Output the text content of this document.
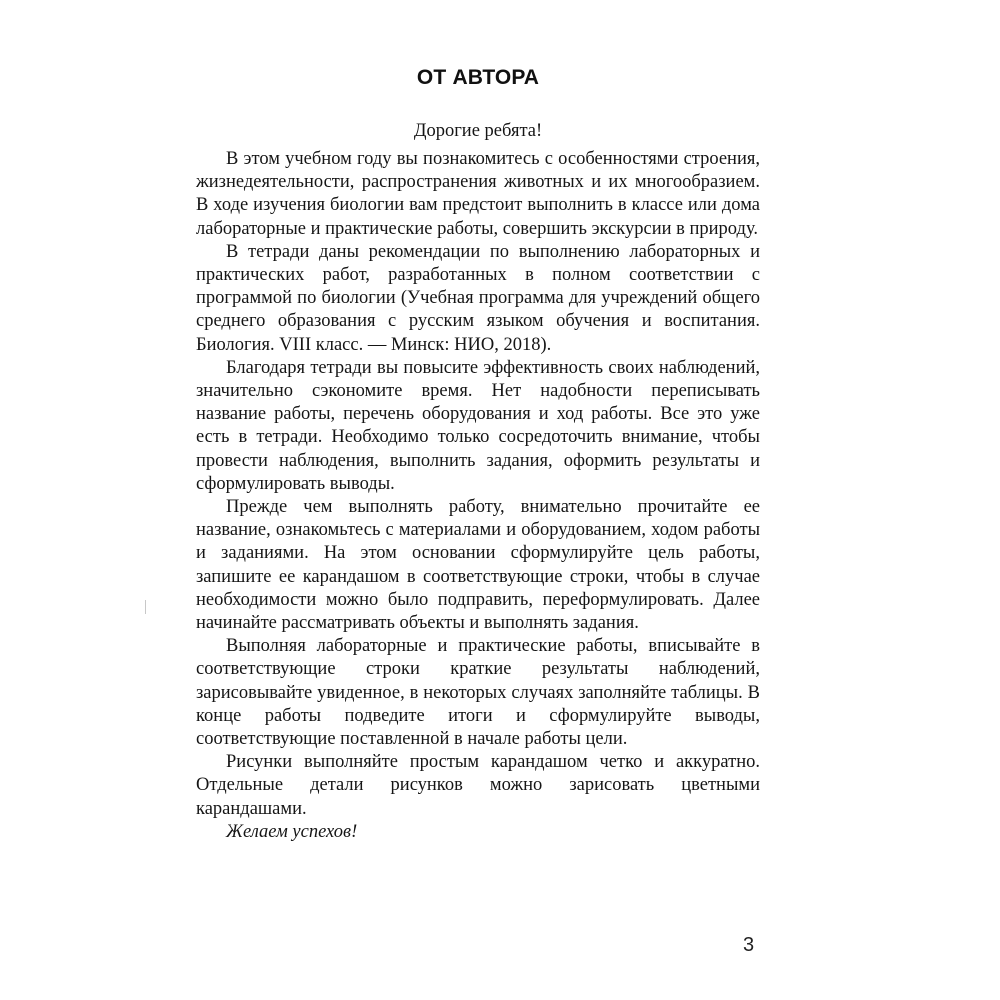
ОТ АВТОРА
Дорогие ребята!

В этом учебном году вы познакомитесь с особенностями строения, жизнедеятельности, распространения животных и их многообразием. В ходе изучения биологии вам предстоит выполнить в классе или дома лабораторные и практические работы, совершить экскурсии в природу.

В тетради даны рекомендации по выполнению лабораторных и практических работ, разработанных в полном соответствии с программой по биологии (Учебная программа для учреждений общего среднего образования с русским языком обучения и воспитания. Биология. VIII класс. — Минск: НИО, 2018).

Благодаря тетради вы повысите эффективность своих наблюдений, значительно сэкономите время. Нет надобности переписывать название работы, перечень оборудования и ход работы. Все это уже есть в тетради. Необходимо только сосредоточить внимание, чтобы провести наблюдения, выполнить задания, оформить результаты и сформулировать выводы.

Прежде чем выполнять работу, внимательно прочитайте ее название, ознакомьтесь с материалами и оборудованием, ходом работы и заданиями. На этом основании сформулируйте цель работы, запишите ее карандашом в соответствующие строки, чтобы в случае необходимости можно было подправить, переформулировать. Далее начинайте рассматривать объекты и выполнять задания.

Выполняя лабораторные и практические работы, вписывайте в соответствующие строки краткие результаты наблюдений, зарисовывайте увиденное, в некоторых случаях заполняйте таблицы. В конце работы подведите итоги и сформулируйте выводы, соответствующие поставленной в начале работы цели.

Рисунки выполняйте простым карандашом четко и аккуратно. Отдельные детали рисунков можно зарисовать цветными карандашами.

Желаем успехов!

3
